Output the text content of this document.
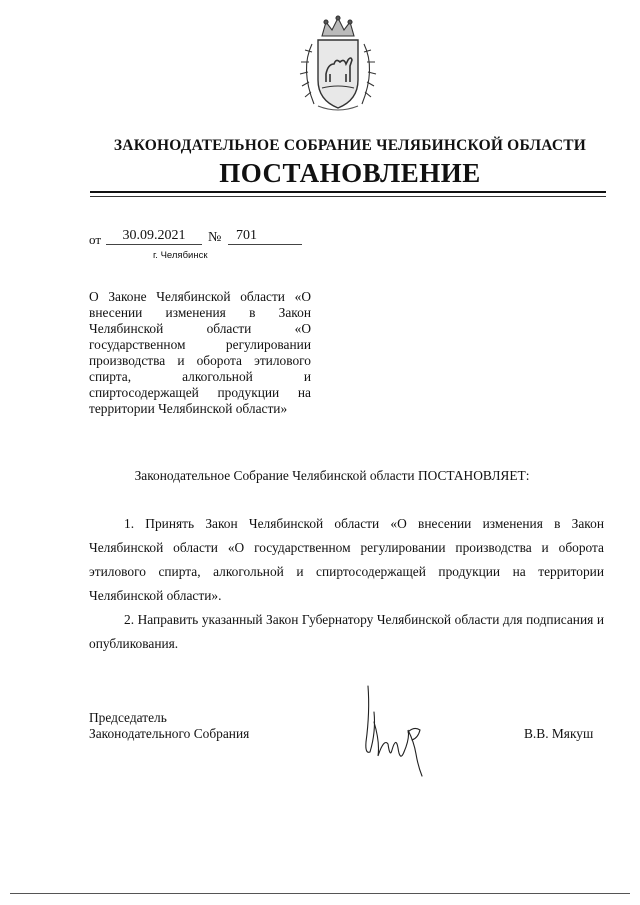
ЗАКОНОДАТЕЛЬНОЕ СОБРАНИЕ ЧЕЛЯБИНСКОЙ ОБЛАСТИ
ПОСТАНОВЛЕНИЕ
от	30.09.2021	№	701
г. Челябинск
О Законе Челябинской области «О внесении изменения в Закон Челябинской области «О государственном регулировании производства и оборота этилового спирта, алкогольной и спиртосодержащей продукции на территории Челябинской области»
Законодательное Собрание Челябинской области ПОСТАНОВЛЯЕТ:
1. Принять Закон Челябинской области «О внесении изменения в Закон Челябинской области «О государственном регулировании производства и оборота этилового спирта, алкогольной и спиртосодержащей продукции на территории Челябинской области».
2. Направить указанный Закон Губернатору Челябинской области для подписания и опубликования.
Председатель
Законодательного Собрания	В.В. Мякуш
